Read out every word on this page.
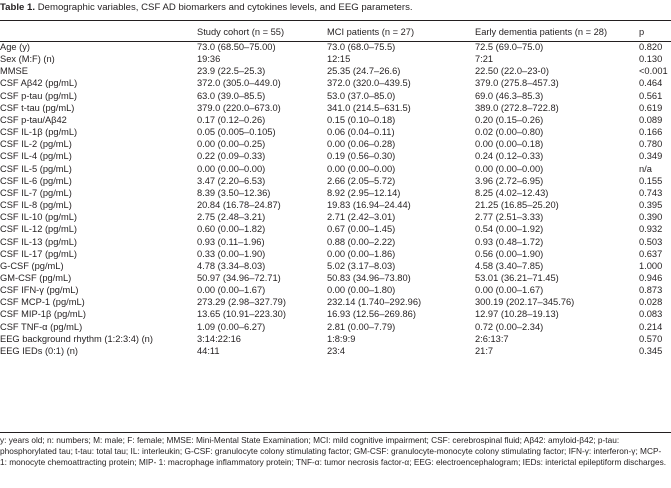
Table 1. Demographic variables, CSF AD biomarkers and cytokines levels, and EEG parameters.
	Study cohort (n = 55)	MCI patients (n = 27)	Early dementia patients (n = 28)	p
Age (y)	73.0 (68.50–75.00)	73.0 (68.0–75.5)	72.5 (69.0–75.0)	0.820
Sex (M:F) (n)	19:36	12:15	7:21	0.130
MMSE	23.9 (22.5–25.3)	25.35 (24.7–26.6)	22.50 (22.0–23-0)	<0.001
CSF Aβ42 (pg/mL)	372.0 (305.0–449.0)	372.0 (320.0–439.5)	379.0 (275.8–457.3)	0.464
CSF p-tau (pg/mL)	63.0 (39.0–85.5)	53.0 (37.0–85.0)	69.0 (46.3–85.3)	0.561
CSF t-tau (pg/mL)	379.0 (220.0–673.0)	341.0 (214.5–631.5)	389.0 (272.8–722.8)	0.619
CSF p-tau/Aβ42	0.17 (0.12–0.26)	0.15 (0.10–0.18)	0.20 (0.15–0.26)	0.089
CSF IL-1β (pg/mL)	0.05 (0.005–0.105)	0.06 (0.04–0.11)	0.02 (0.00–0.80)	0.166
CSF IL-2 (pg/mL)	0.00 (0.00–0.25)	0.00 (0.06–0.28)	0.00 (0.00–0.18)	0.780
CSF IL-4 (pg/mL)	0.22 (0.09–0.33)	0.19 (0.56–0.30)	0.24 (0.12–0.33)	0.349
CSF IL-5 (pg/mL)	0.00 (0.00–0.00)	0.00 (0.00–0.00)	0.00 (0.00–0.00)	n/a
CSF IL-6 (pg/mL)	3.47 (2.20–6.53)	2.66 (2.05–5.72)	3.96 (2.72–6.95)	0.155
CSF IL-7 (pg/mL)	8.39 (3.50–12.36)	8.92 (2.95–12.14)	8.25 (4.02–12.43)	0.743
CSF IL-8 (pg/mL)	20.84 (16.78–24.87)	19.83 (16.94–24.44)	21.25 (16.85–25.20)	0.395
CSF IL-10 (pg/mL)	2.75 (2.48–3.21)	2.71 (2.42–3.01)	2.77 (2.51–3.33)	0.390
CSF IL-12 (pg/mL)	0.60 (0.00–1.82)	0.67 (0.00–1.45)	0.54 (0.00–1.92)	0.932
CSF IL-13 (pg/mL)	0.93 (0.11–1.96)	0.88 (0.00–2.22)	0.93 (0.48–1.72)	0.503
CSF IL-17 (pg/mL)	0.33 (0.00–1.90)	0.00 (0.00–1.86)	0.56 (0.00–1.90)	0.637
G-CSF (pg/mL)	4.78 (3.34–8.03)	5.02 (3.17–8.03)	4.58 (3.40–7.85)	1.000
GM-CSF (pg/mL)	50.97 (34.96–72.71)	50.83 (34.96–73.80)	53.01 (36.21–71.45)	0.946
CSF IFN-γ (pg/mL)	0.00 (0.00–1.67)	0.00 (0.00–1.80)	0.00 (0.00–1.67)	0.873
CSF MCP-1 (pg/mL)	273.29 (2.98–327.79)	232.14 (1.740–292.96)	300.19 (202.17–345.76)	0.028
CSF MIP-1β (pg/mL)	13.65 (10.91–223.30)	16.93 (12.56–269.86)	12.97 (10.28–19.13)	0.083
CSF TNF-α (pg/mL)	1.09 (0.00–6.27)	2.81 (0.00–7.79)	0.72 (0.00–2.34)	0.214
EEG background rhythm (1:2:3:4) (n)	3:14:22:16	1:8:9:9	2:6:13:7	0.570
EEG IEDs (0:1) (n)	44:11	23:4	21:7	0.345
y: years old; n: numbers; M: male; F: female; MMSE: Mini-Mental State Examination; MCI: mild cognitive impairment; CSF: cerebrospinal fluid; Aβ42: amyloid-β42; p-tau: phosphorylated tau; t-tau: total tau; IL: interleukin; G-CSF: granulocyte colony stimulating factor; GM-CSF: granulocyte-monocyte colony stimulating factor; IFN-γ: interferon-γ; MCP-1: monocyte chemoattracting protein; MIP- 1: macrophage inflammatory protein; TNF-α: tumor necrosis factor-α; EEG: electroencephalogram; IEDs: interictal epileptiform discharges.
